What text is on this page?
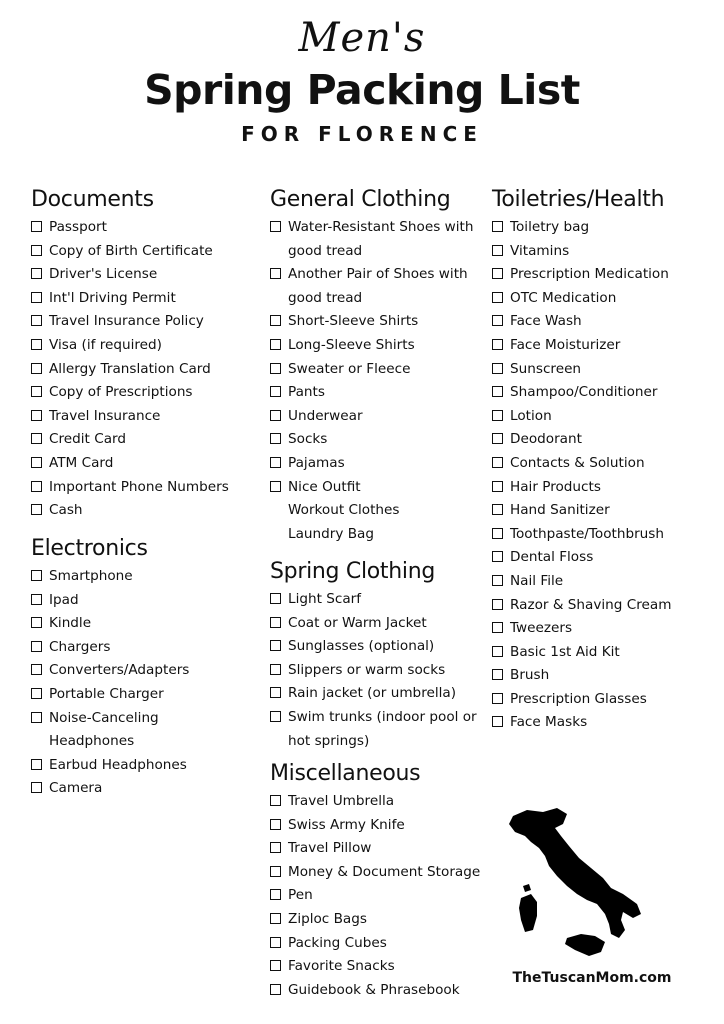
Men's
Spring Packing List
FOR FLORENCE
Documents
Passport
Copy of Birth Certificate
Driver's License
Int'l Driving Permit
Travel Insurance Policy
Visa (if required)
Allergy Translation Card
Copy of Prescriptions
Travel Insurance
Credit Card
ATM Card
Important Phone Numbers
Cash
Electronics
Smartphone
Ipad
Kindle
Chargers
Converters/Adapters
Portable Charger
Noise-Canceling
Headphones
Earbud Headphones
Camera
General Clothing
Water-Resistant Shoes with
good tread
Another Pair of Shoes with
good tread
Short-Sleeve Shirts
Long-Sleeve Shirts
Sweater or Fleece
Pants
Underwear
Socks
Pajamas
Nice Outfit
Workout Clothes
Laundry Bag
Spring Clothing
Light Scarf
Coat or Warm Jacket
Sunglasses (optional)
Slippers or warm socks
Rain jacket (or umbrella)
Swim trunks (indoor pool or
hot springs)
Miscellaneous
Travel Umbrella
Swiss Army Knife
Travel Pillow
Money & Document Storage
Pen
Ziploc Bags
Packing Cubes
Favorite Snacks
Guidebook & Phrasebook
Toiletries/Health
Toiletry bag
Vitamins
Prescription Medication
OTC Medication
Face Wash
Face Moisturizer
Sunscreen
Shampoo/Conditioner
Lotion
Deodorant
Contacts & Solution
Hair Products
Hand Sanitizer
Toothpaste/Toothbrush
Dental Floss
Nail File
Razor & Shaving Cream
Tweezers
Basic 1st Aid Kit
Brush
Prescription Glasses
Face Masks
TheTuscanMom.com
